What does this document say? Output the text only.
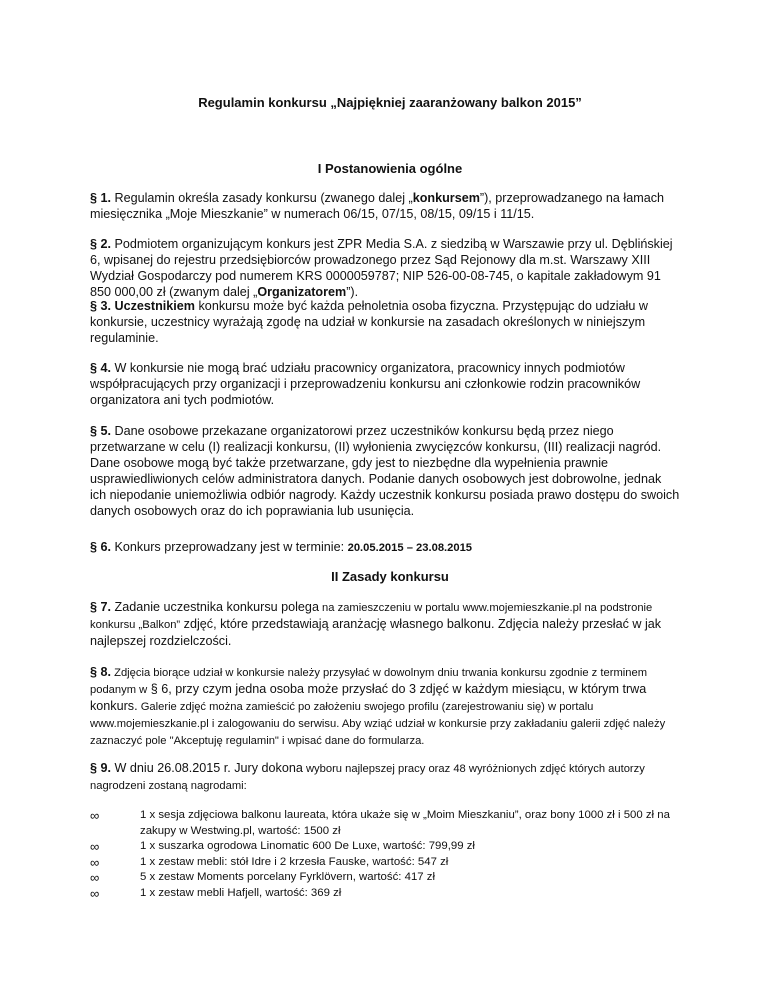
Regulamin konkursu „Najpiękniej zaaranżowany balkon 2015”
I Postanowienia ogólne
§ 1. Regulamin określa zasady konkursu (zwanego dalej „konkursem”), przeprowadzanego na łamach miesięcznika „Moje Mieszkanie” w numerach 06/15, 07/15, 08/15, 09/15 i 11/15.
§ 2. Podmiotem organizującym konkurs jest ZPR Media S.A. z siedzibą w Warszawie przy ul. Dęblińskiej 6, wpisanej do rejestru przedsiębiorców prowadzonego przez Sąd Rejonowy dla m.st. Warszawy XIII Wydział Gospodarczy pod numerem KRS 0000059787; NIP 526-00-08-745, o kapitale zakładowym 91 850 000,00 zł (zwanym dalej „Organizatorem”).
§ 3. Uczestnikiem konkursu może być każda pełnoletnia osoba fizyczna. Przystępując do udziału w konkursie, uczestnicy wyrażają zgodę na udział w konkursie na zasadach określonych w niniejszym regulaminie.
§ 4. W konkursie nie mogą brać udziału pracownicy organizatora, pracownicy innych podmiotów współpracujących przy organizacji i przeprowadzeniu konkursu ani członkowie rodzin pracowników organizatora ani tych podmiotów.
§ 5. Dane osobowe przekazane organizatorowi przez uczestników konkursu będą przez niego przetwarzane w celu (I) realizacji konkursu, (II) wyłonienia zwycięzców konkursu, (III) realizacji nagród. Dane osobowe mogą być także przetwarzane, gdy jest to niezbędne dla wypełnienia prawnie usprawiedliwionych celów administratora danych. Podanie danych osobowych jest dobrowolne, jednak ich niepodanie uniemożliwia odbiór nagrody. Każdy uczestnik konkursu posiada prawo dostępu do swoich danych osobowych oraz do ich poprawiania lub usunięcia.
§ 6. Konkurs przeprowadzany jest w terminie: 20.05.2015 – 23.08.2015
II Zasady konkursu
§ 7. Zadanie uczestnika konkursu polega na zamieszczeniu w portalu www.mojemieszkanie.pl na podstronie konkursu „Balkon” zdjęć, które przedstawiają aranżację własnego balkonu. Zdjęcia należy przesłać w jak najlepszej rozdzielczości.
§ 8. Zdjęcia biorące udział w konkursie należy przysyłać w dowolnym dniu trwania konkursu zgodnie z terminem podanym w § 6, przy czym jedna osoba może przysłać do 3 zdjęć w każdym miesiącu, w którym trwa konkurs. Galerie zdjęć można zamieścić po założeniu swojego profilu (zarejestrowaniu się) w portalu www.mojemieszkanie.pl i zalogowaniu do serwisu. Aby wziąć udział w konkursie przy zakładaniu galerii zdjęć należy zaznaczyć pole "Akceptuję regulamin" i wpisać dane do formularza.
§ 9. W dniu 26.08.2015 r. Jury dokona wyboru najlepszej pracy oraz 48 wyróżnionych zdjęć których autorzy nagrodzeni zostaną nagrodami:
∞	1 x sesja zdjęciowa balkonu laureata, która ukaże się w „Moim Mieszkaniu”, oraz bony 1000 zł i 500 zł na zakupy w Westwing.pl, wartość: 1500 zł
∞	1 x suszarka ogrodowa Linomatic 600 De Luxe, wartość: 799,99 zł
∞	1 x zestaw mebli: stół Idre i 2 krzesła Fauske, wartość: 547 zł
∞	5 x zestaw Moments porcelany Fyrklövern, wartość: 417 zł
∞	1 x zestaw mebli Hafjell, wartość: 369 zł
